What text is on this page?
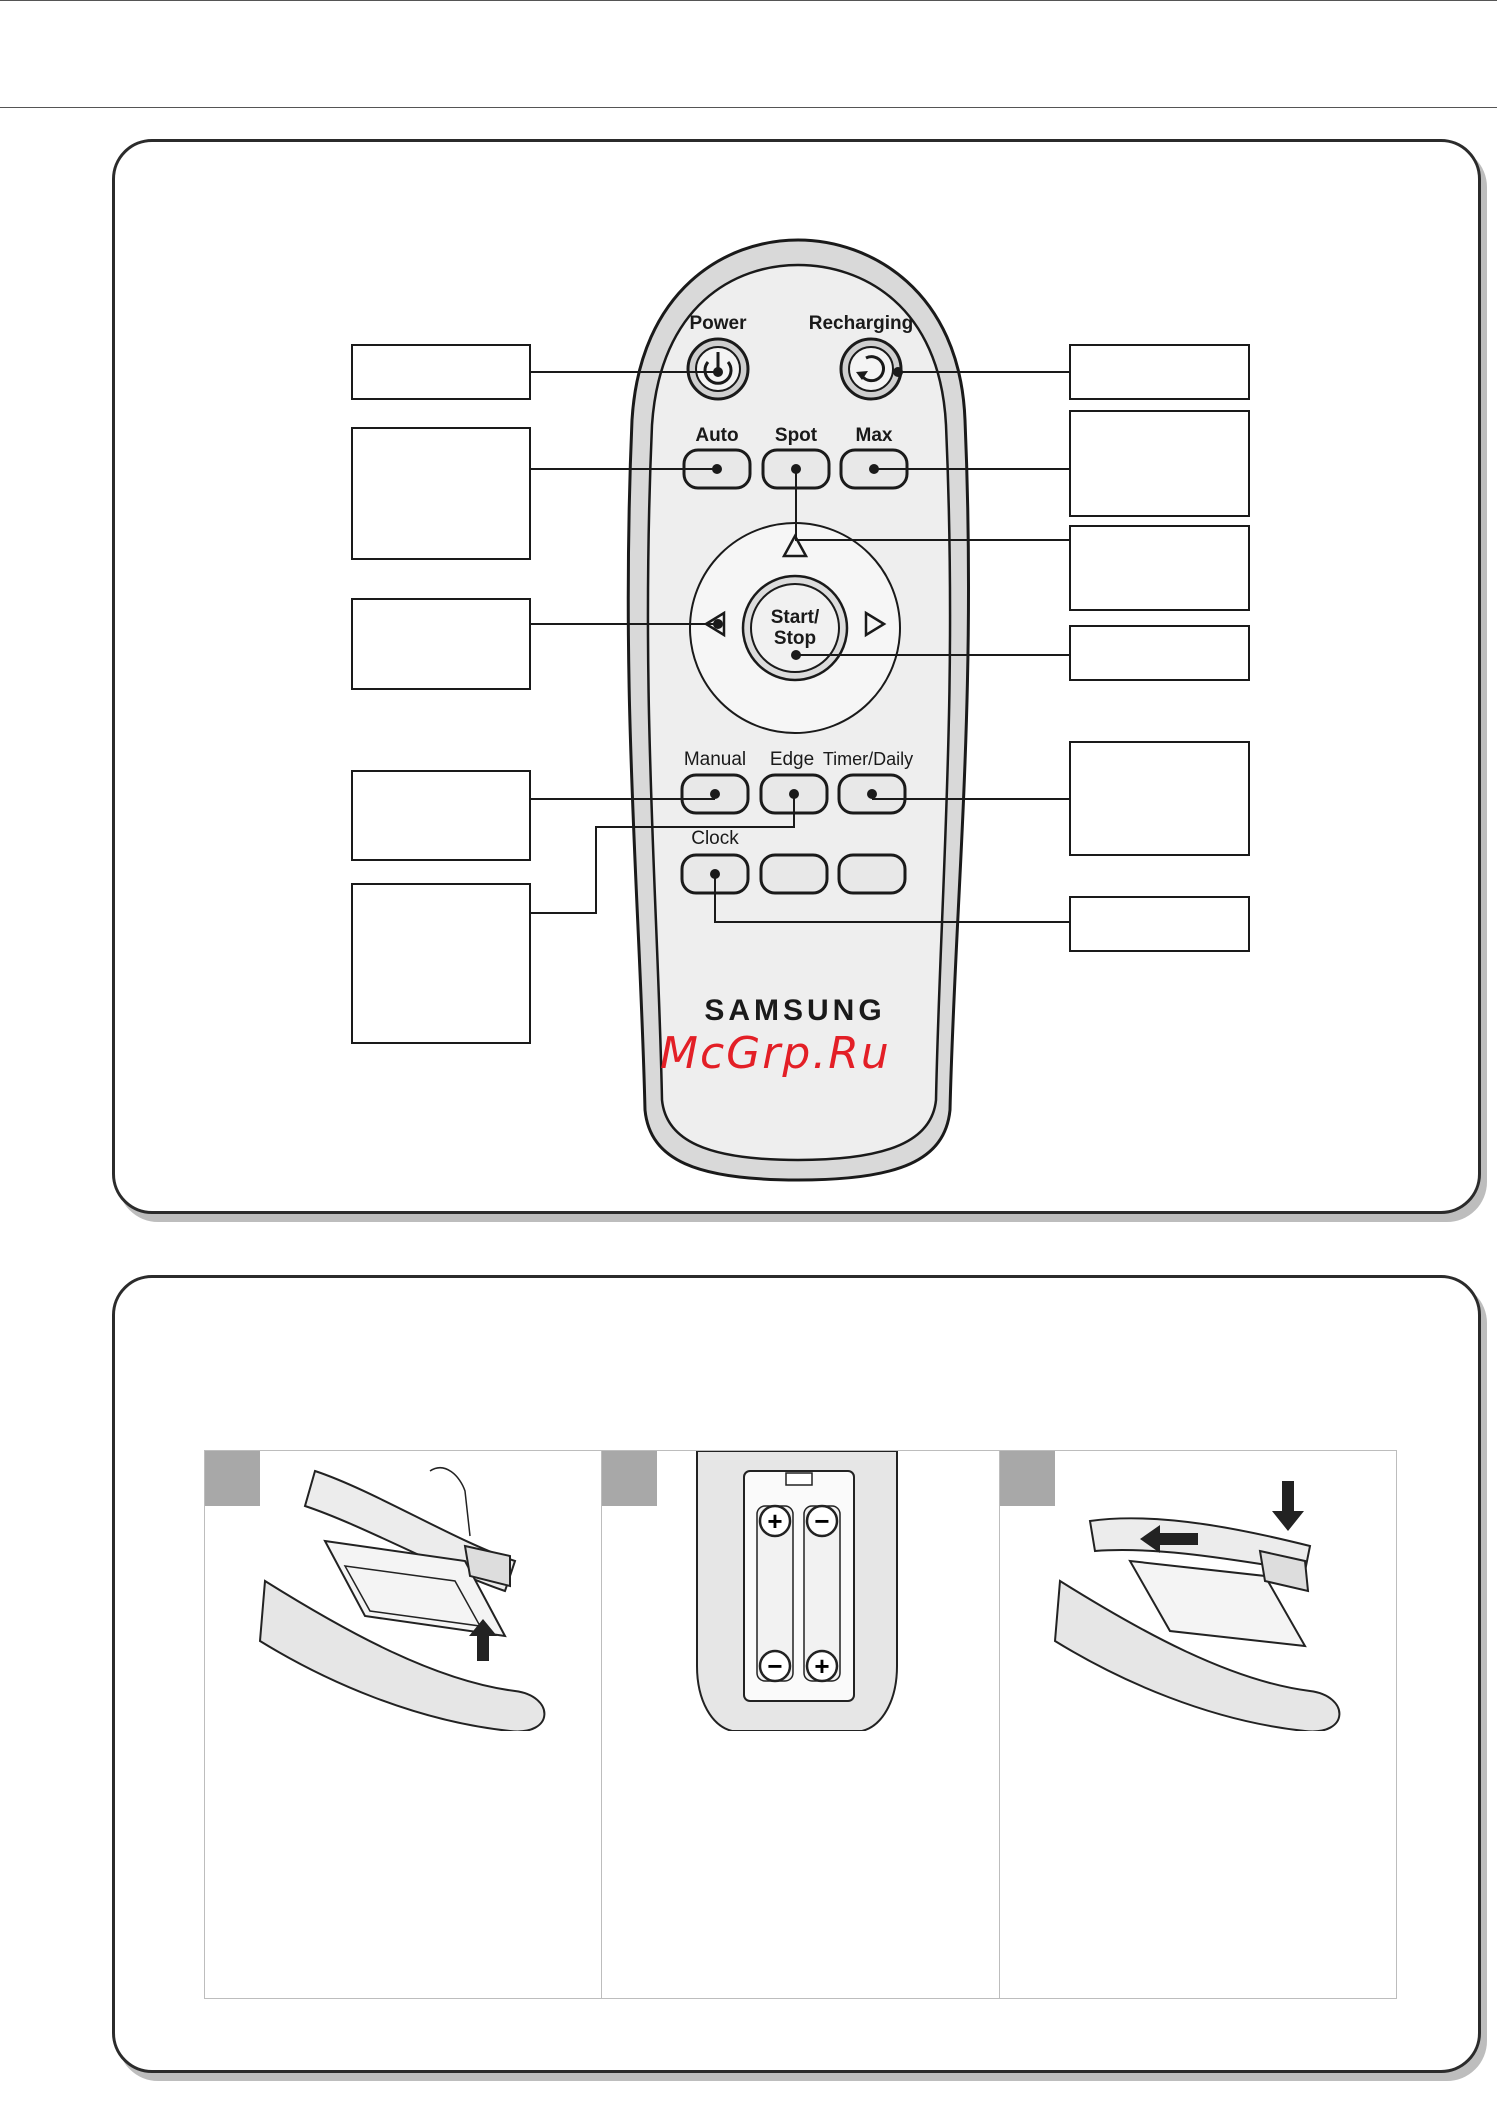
Power	Recharging
Auto Spot Max
Start/
Stop
Manual Edge Timer/Daily
Clock
SAMSUNG
McGrp.Ru
+ −
− +
